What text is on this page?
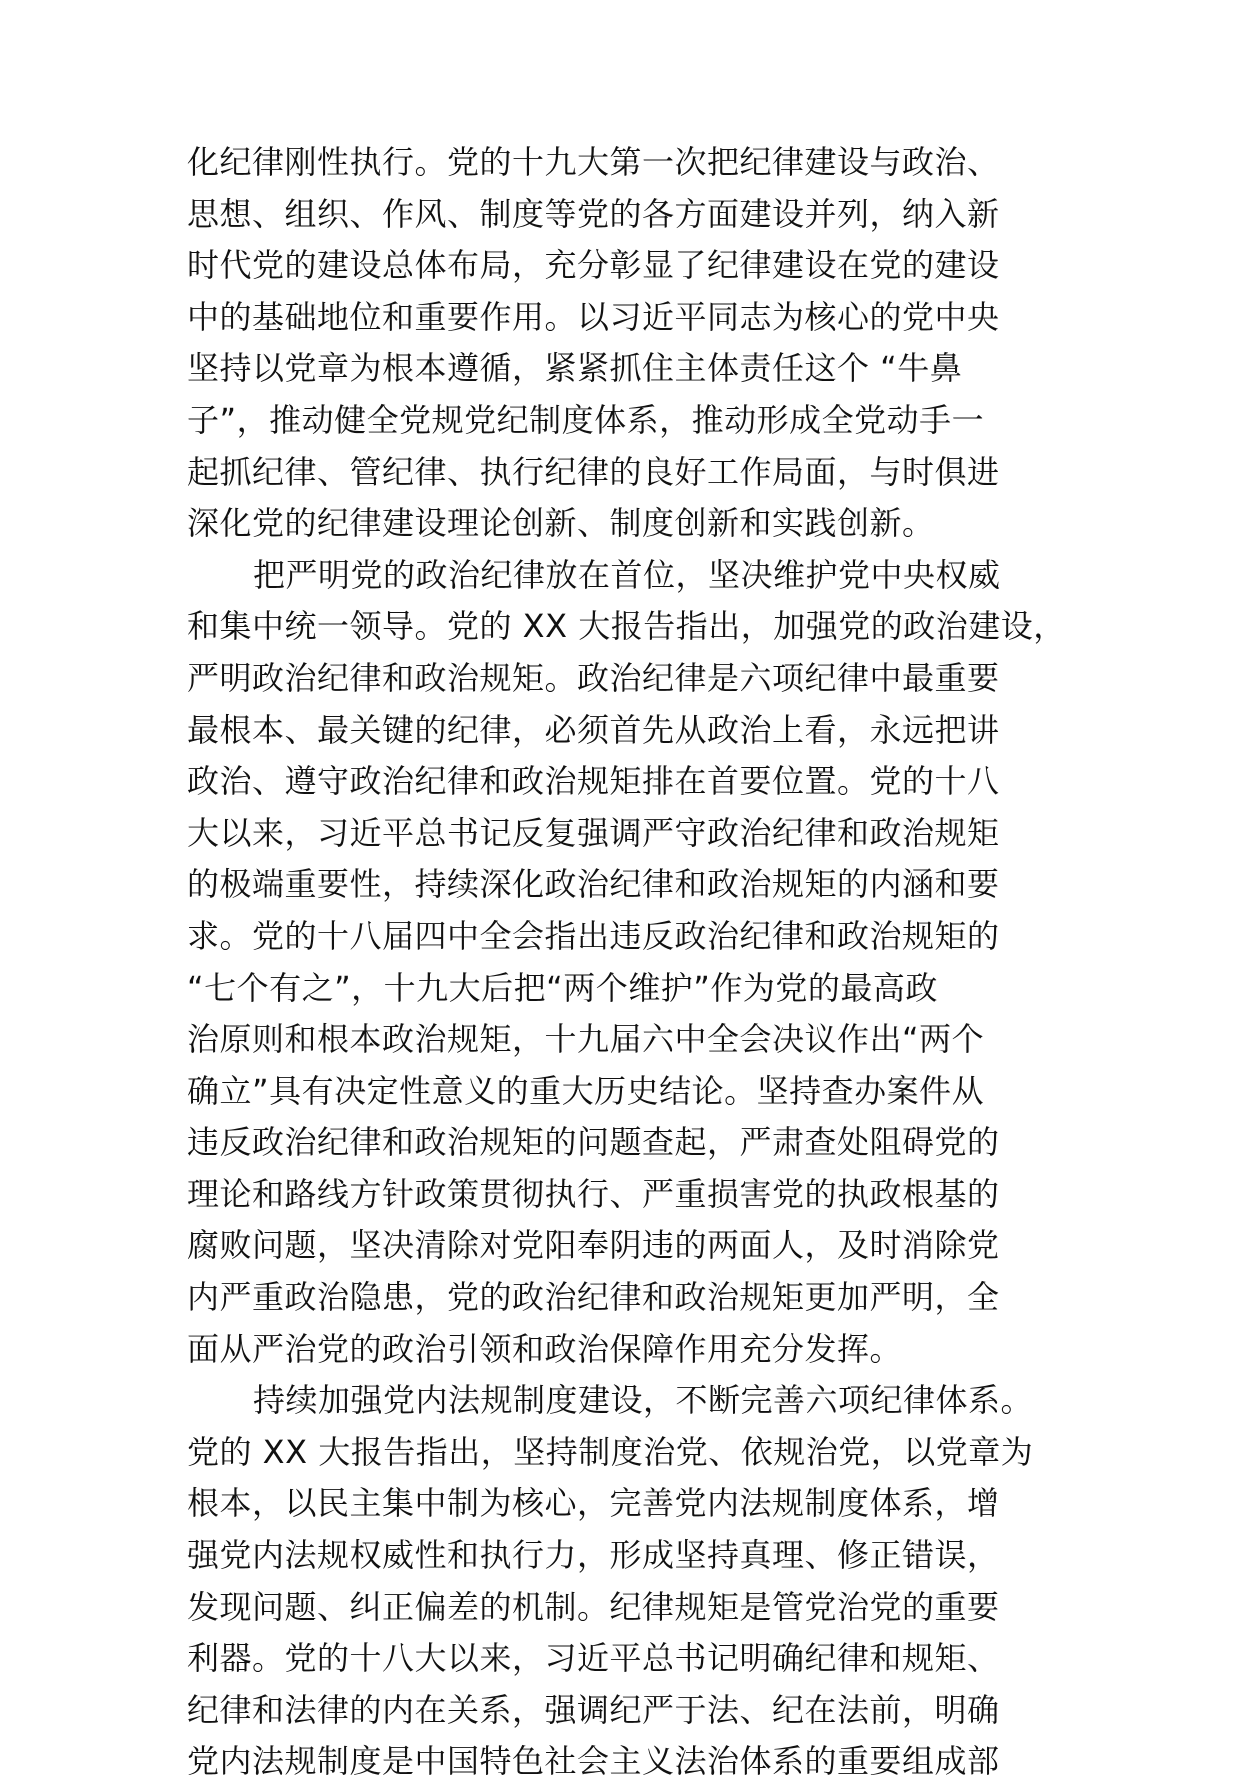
化纪律刚性执行。党的十九大第一次把纪律建设与政治、
思想、组织、作风、制度等党的各方面建设并列，纳入新
时代党的建设总体布局，充分彰显了纪律建设在党的建设
中的基础地位和重要作用。以习近平同志为核心的党中央
坚持以党章为根本遵循，紧紧抓住主体责任这个 “牛鼻
子”，推动健全党规党纪制度体系，推动形成全党动手一
起抓纪律、管纪律、执行纪律的良好工作局面，与时俱进
深化党的纪律建设理论创新、制度创新和实践创新。
把严明党的政治纪律放在首位，坚决维护党中央权威
和集中统一领导。党的 XX 大报告指出，加强党的政治建设，
严明政治纪律和政治规矩。政治纪律是六项纪律中最重要
最根本、最关键的纪律，必须首先从政治上看，永远把讲
政治、遵守政治纪律和政治规矩排在首要位置。党的十八
大以来，习近平总书记反复强调严守政治纪律和政治规矩
的极端重要性，持续深化政治纪律和政治规矩的内涵和要
求。党的十八届四中全会指出违反政治纪律和政治规矩的
“七个有之”，十九大后把“两个维护”作为党的最高政
治原则和根本政治规矩，十九届六中全会决议作出“两个
确立”具有决定性意义的重大历史结论。坚持查办案件从
违反政治纪律和政治规矩的问题查起，严肃查处阻碍党的
理论和路线方针政策贯彻执行、严重损害党的执政根基的
腐败问题，坚决清除对党阳奉阴违的两面人，及时消除党
内严重政治隐患，党的政治纪律和政治规矩更加严明，全
面从严治党的政治引领和政治保障作用充分发挥。
持续加强党内法规制度建设，不断完善六项纪律体系。
党的 XX 大报告指出，坚持制度治党、依规治党，以党章为
根本，以民主集中制为核心，完善党内法规制度体系，增
强党内法规权威性和执行力，形成坚持真理、修正错误，
发现问题、纠正偏差的机制。纪律规矩是管党治党的重要
利器。党的十八大以来，习近平总书记明确纪律和规矩、
纪律和法律的内在关系，强调纪严于法、纪在法前，明确
党内法规制度是中国特色社会主义法治体系的重要组成部
